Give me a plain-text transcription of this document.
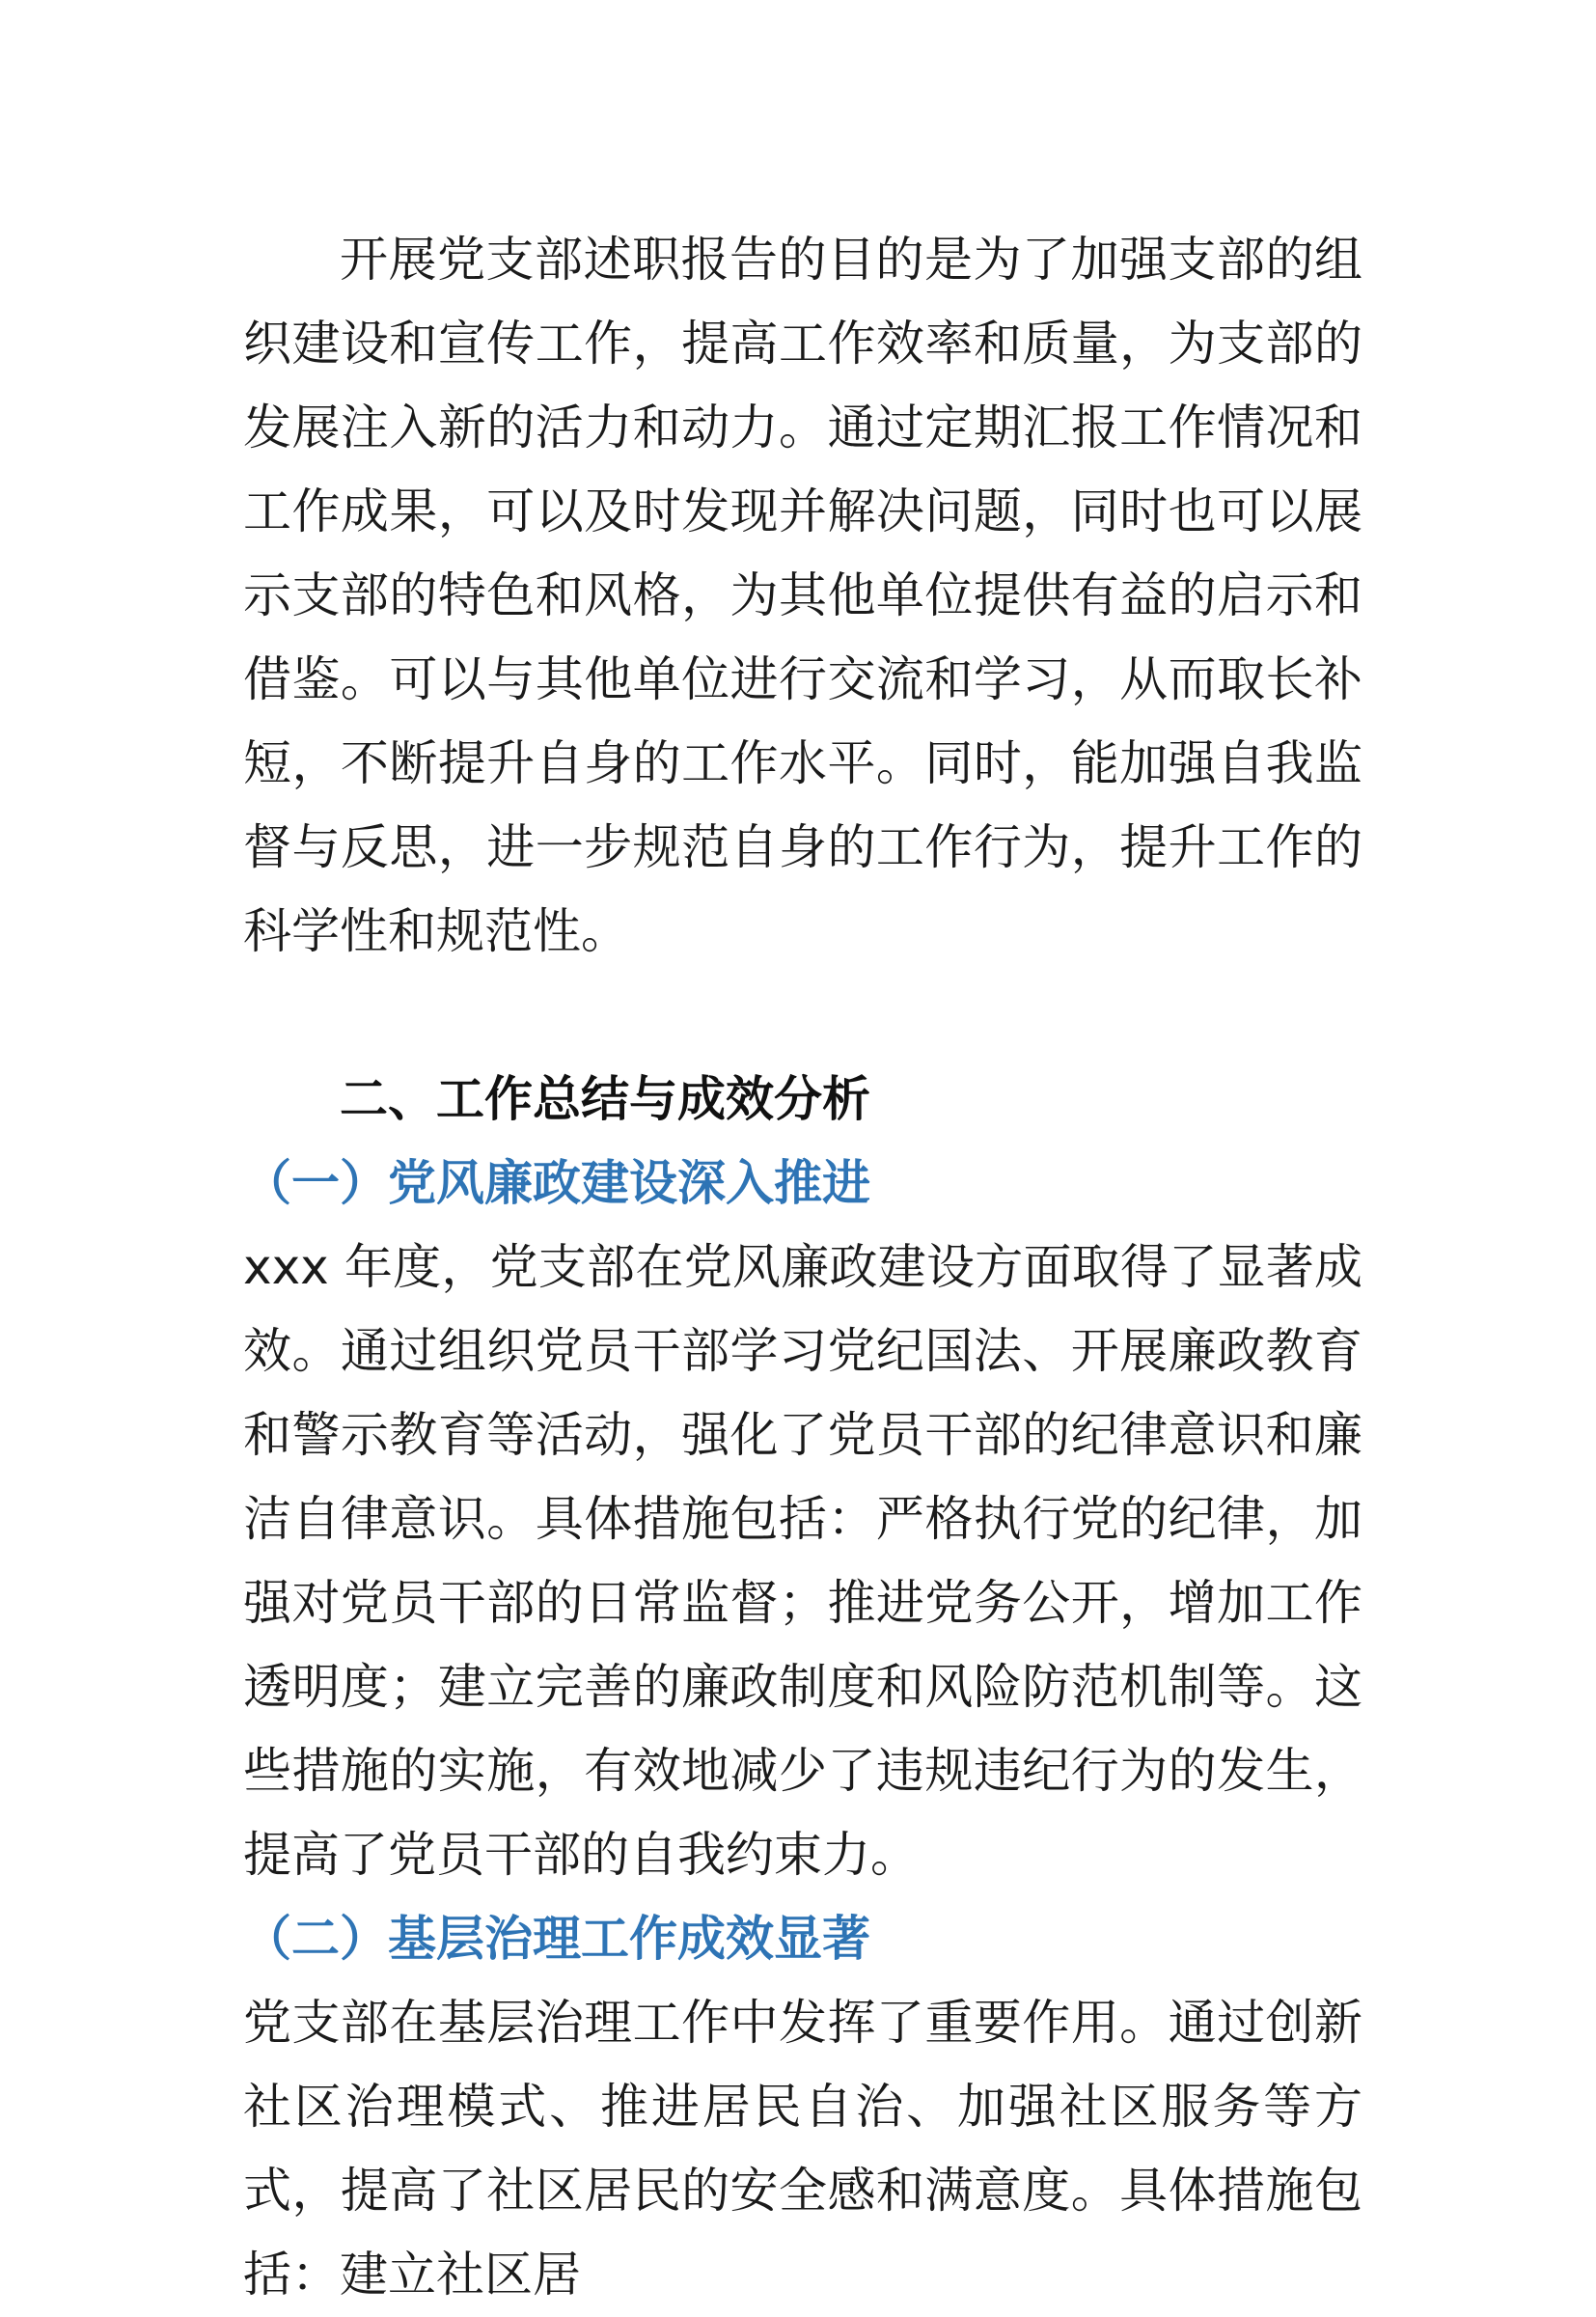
开展党支部述职报告的目的是为了加强支部的组织建设和宣传工作，提高工作效率和质量，为支部的发展注入新的活力和动力。通过定期汇报工作情况和工作成果，可以及时发现并解决问题，同时也可以展示支部的特色和风格，为其他单位提供有益的启示和借鉴。可以与其他单位进行交流和学习，从而取长补短，不断提升自身的工作水平。同时，能加强自我监督与反思，进一步规范自身的工作行为，提升工作的科学性和规范性。

二、工作总结与成效分析
（一）党风廉政建设深入推进

xxx 年度，党支部在党风廉政建设方面取得了显著成效。通过组织党员干部学习党纪国法、开展廉政教育和警示教育等活动，强化了党员干部的纪律意识和廉洁自律意识。具体措施包括：严格执行党的纪律，加强对党员干部的日常监督；推进党务公开，增加工作透明度；建立完善的廉政制度和风险防范机制等。这些措施的实施，有效地减少了违规违纪行为的发生，提高了党员干部的自我约束力。

（二）基层治理工作成效显著

党支部在基层治理工作中发挥了重要作用。通过创新社区治理模式、推进居民自治、加强社区服务等方式，提高了社区居民的安全感和满意度。具体措施包括：建立社区居
